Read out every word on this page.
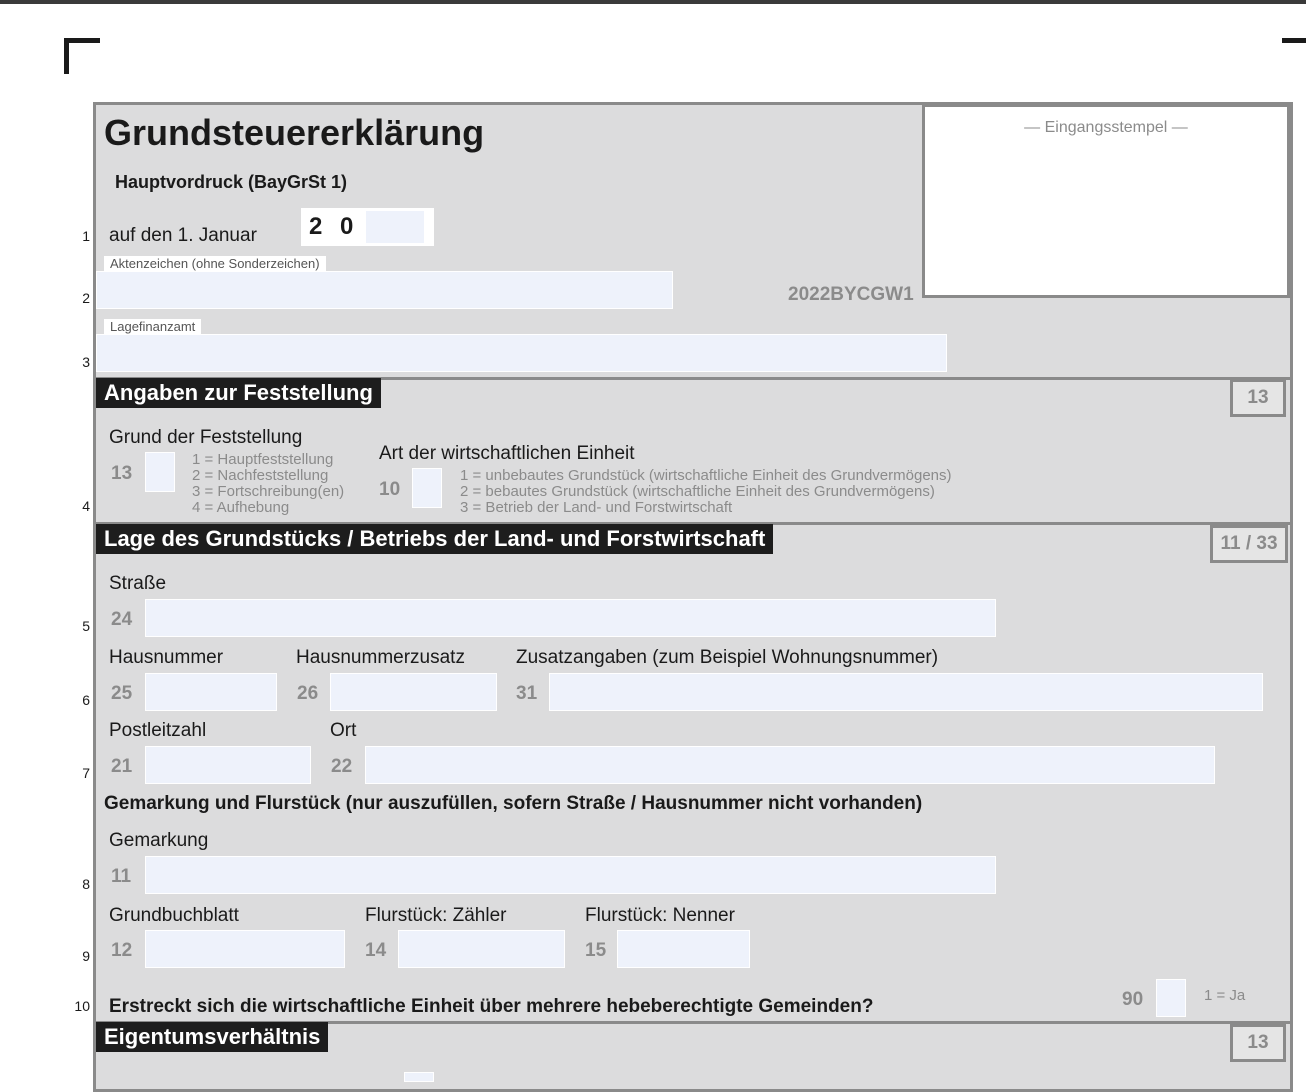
1
2
3
4
5
6
7
8
9
10
Grundsteuererklärung
Hauptvordruck (BayGrSt 1)
auf den 1. Januar 2 0
— Eingangsstempel —
2022BYCGW1
Aktenzeichen (ohne Sonderzeichen)
Lagefinanzamt
Angaben zur Feststellung	13
Grund der Feststellung
13
1 = Hauptfeststellung
2 = Nachfeststellung
3 = Fortschreibung(en)
4 = Aufhebung
Art der wirtschaftlichen Einheit
10
1 = unbebautes Grundstück (wirtschaftliche Einheit des Grundvermögens)
2 = bebautes Grundstück (wirtschaftliche Einheit des Grundvermögens)
3 = Betrieb der Land- und Forstwirtschaft
Lage des Grundstücks / Betriebs der Land- und Forstwirtschaft	11 / 33
Straße
24
Hausnummer
25
Hausnummerzusatz
26
Zusatzangaben (zum Beispiel Wohnungsnummer)
31
Postleitzahl
21
Ort
22
Gemarkung und Flurstück (nur auszufüllen, sofern Straße / Hausnummer nicht vorhanden)
Gemarkung
11
Grundbuchblatt
12
Flurstück: Zähler
14
Flurstück: Nenner
15
Erstreckt sich die wirtschaftliche Einheit über mehrere hebeberechtigte Gemeinden?	90	1 = Ja
Eigentumsverhältnis	13
